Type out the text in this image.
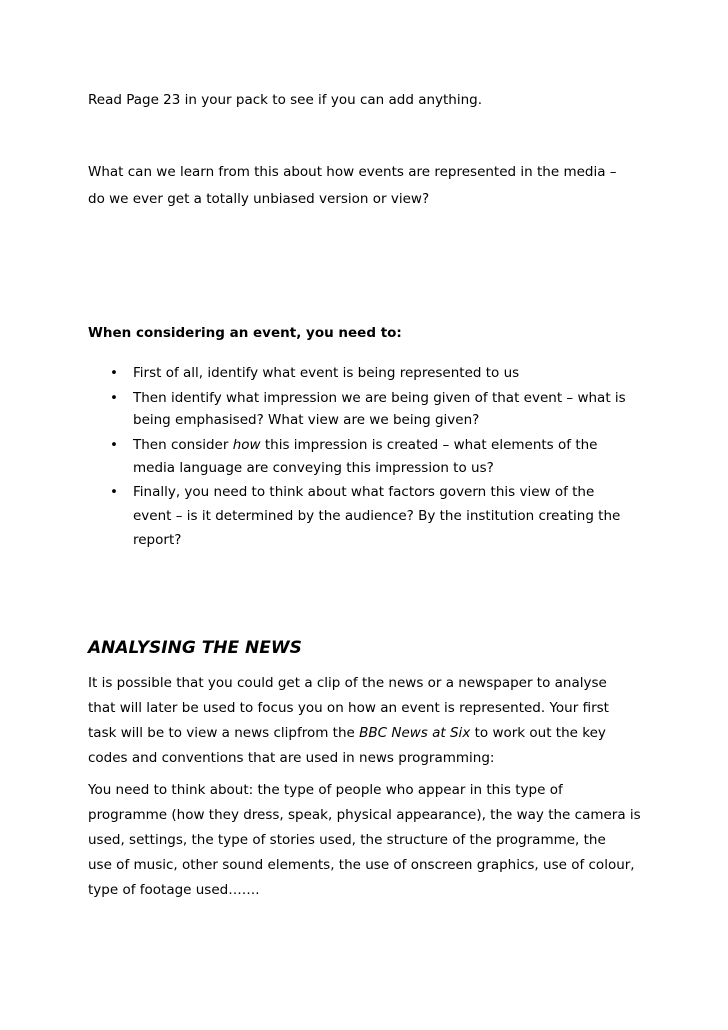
Read Page 23 in your pack to see if you can add anything.

What can we learn from this about how events are represented in the media –

do we ever get a totally unbiased version or view?

When considering an event, you need to:

• First of all, identify what event is being represented to us

• Then identify what impression we are being given of that event – what is

being emphasised? What view are we being given?

• Then consider how this impression is created – what elements of the

media language are conveying this impression to us?

• Finally, you need to think about what factors govern this view of the

event – is it determined by the audience? By the institution creating the

report?

ANALYSING THE NEWS

It is possible that you could get a clip of the news or a newspaper to analyse

that will later be used to focus you on how an event is represented. Your first

task will be to view a news clipfrom the BBC News at Six to work out the key

codes and conventions that are used in news programming:

You need to think about: the type of people who appear in this type of

programme (how they dress, speak, physical appearance), the way the camera is

used, settings, the type of stories used, the structure of the programme, the

use of music, other sound elements, the use of onscreen graphics, use of colour,

type of footage used…….
